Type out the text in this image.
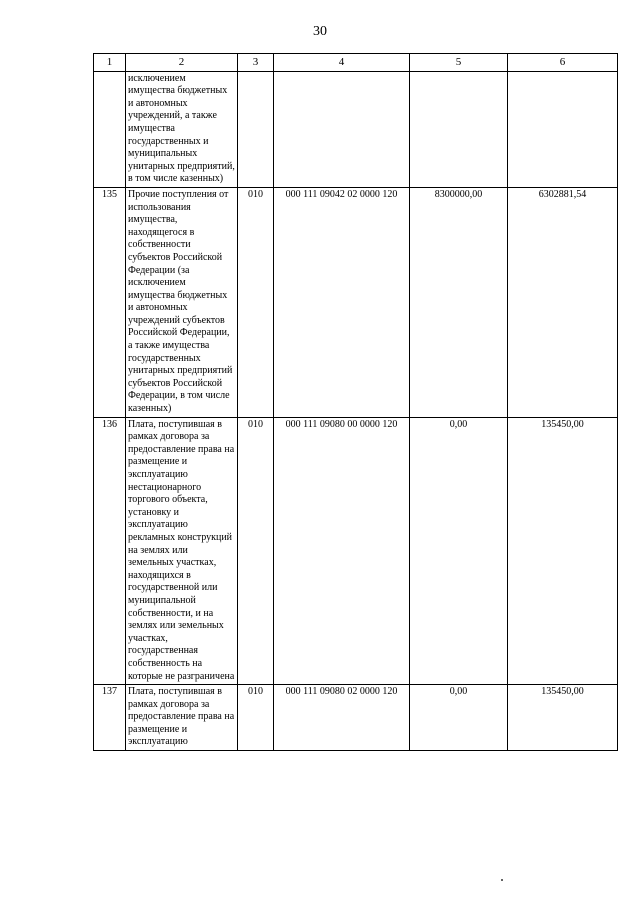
30
1	2	3	4	5	6
	исключением имущества бюджетных и автономных учреждений, а также имущества государственных и муниципальных унитарных предприятий, в том числе казенных)				
135	Прочие поступления от использования имущества, находящегося в собственности субъектов Российской Федерации (за исключением имущества бюджетных и автономных учреждений субъектов Российской Федерации, а также имущества государственных унитарных предприятий субъектов Российской Федерации, в том числе казенных)	010	000 111 09042 02 0000 120	8300000,00	6302881,54
136	Плата, поступившая в рамках договора за предоставление права на размещение и эксплуатацию нестационарного торгового объекта, установку и эксплуатацию рекламных конструкций на землях или земельных участках, находящихся в государственной или муниципальной собственности, и на землях или земельных участках, государственная собственность на которые не разграничена	010	000 111 09080 00 0000 120	0,00	135450,00
137	Плата, поступившая в рамках договора за предоставление права на размещение и эксплуатацию	010	000 111 09080 02 0000 120	0,00	135450,00
